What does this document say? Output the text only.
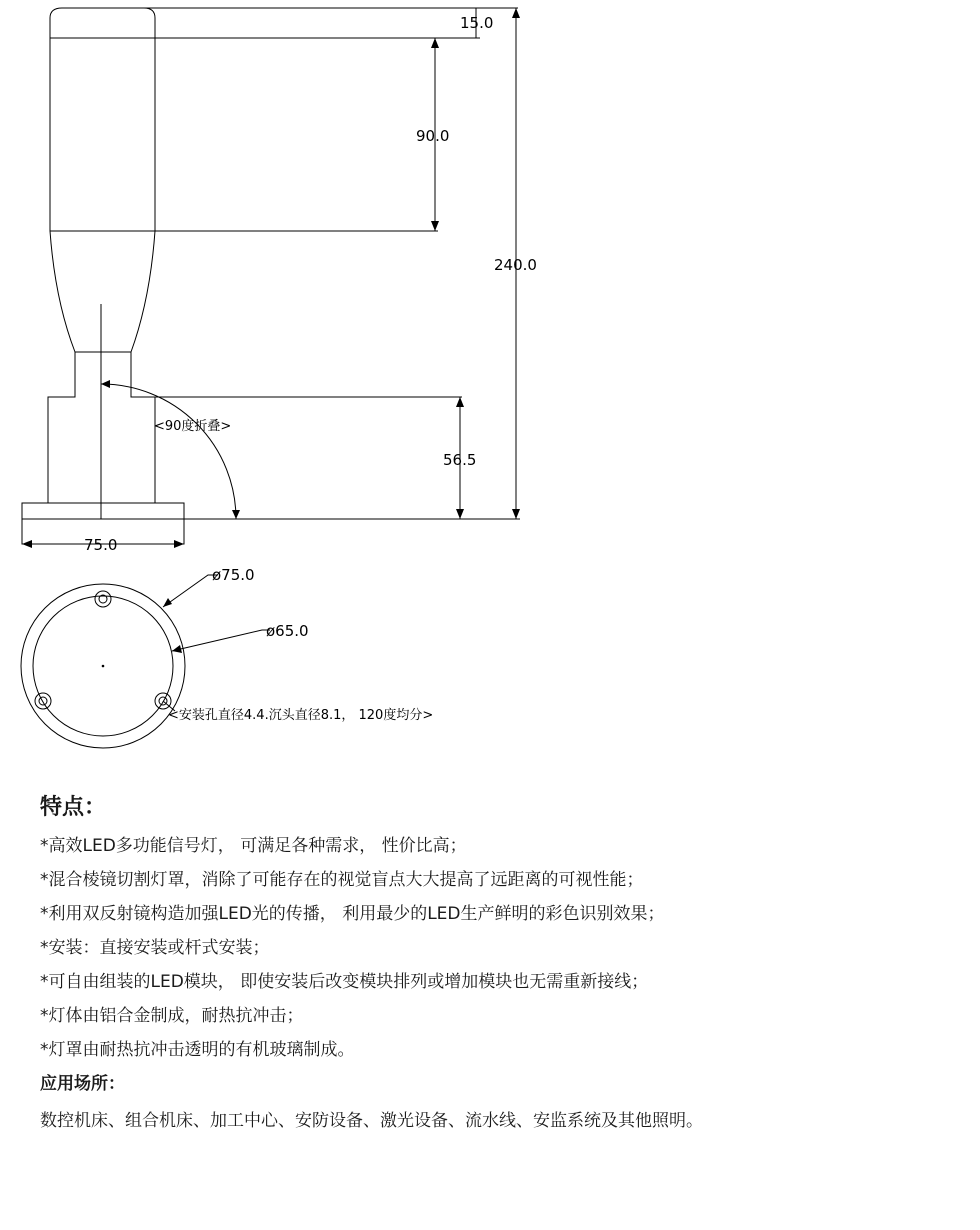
15.0
90.0
240.0
56.5
75.0
<90度折叠>
ø75.0
ø65.0
<安装孔直径4.4.沉头直径8.1， 120度均分>
特点：

*高效LED多功能信号灯， 可满足各种需求， 性价比高；

*混合棱镜切割灯罩，消除了可能存在的视觉盲点大大提高了远距离的可视性能；

*利用双反射镜构造加强LED光的传播， 利用最少的LED生产鲜明的彩色识别效果；

*安装：直接安装或杆式安装；

*可自由组装的LED模块， 即使安装后改变模块排列或增加模块也无需重新接线；

*灯体由铝合金制成，耐热抗冲击；

*灯罩由耐热抗冲击透明的有机玻璃制成。

应用场所：

数控机床、组合机床、加工中心、安防设备、激光设备、流水线、安监系统及其他照明。
